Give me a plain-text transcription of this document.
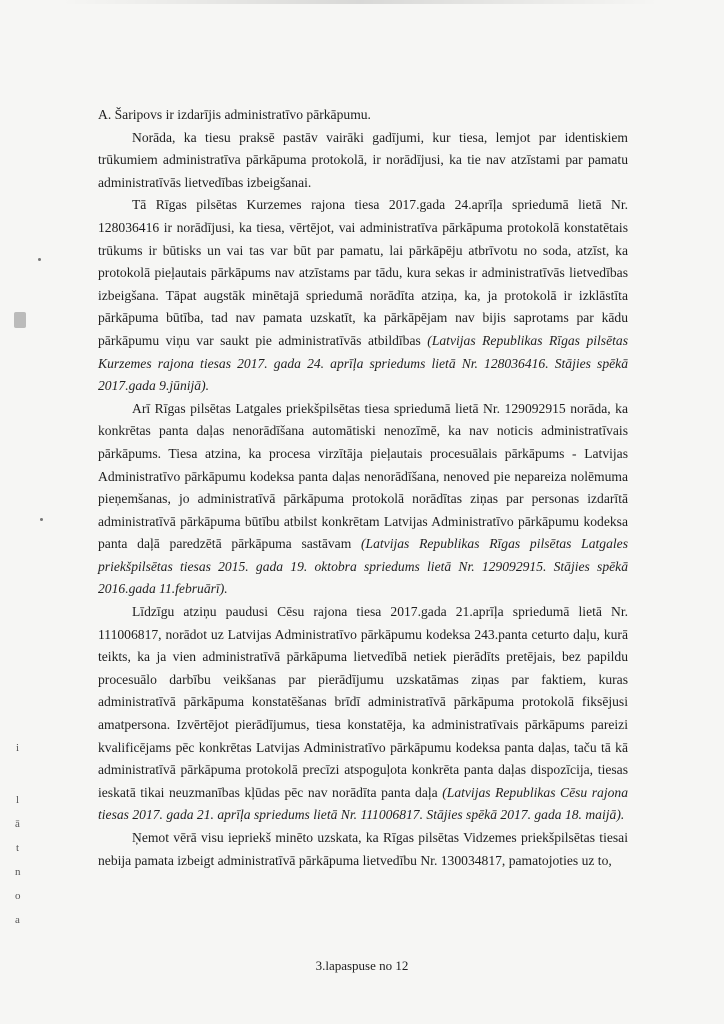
A. Šaripovs ir izdarījis administratīvo pārkāpumu.

Norāda, ka tiesu praksē pastāv vairāki gadījumi, kur tiesa, lemjot par identiskiem trūkumiem administratīva pārkāpuma protokolā, ir norādījusi, ka tie nav atzīstami par pamatu administratīvās lietvedības izbeigšanai.

Tā Rīgas pilsētas Kurzemes rajona tiesa 2017.gada 24.aprīļa spriedumā lietā Nr. 128036416 ir norādījusi, ka tiesa, vērtējot, vai administratīva pārkāpuma protokolā konstatētais trūkums ir būtisks un vai tas var būt par pamatu, lai pārkāpēju atbrīvotu no soda, atzīst, ka protokolā pieļautais pārkāpums nav atzīstams par tādu, kura sekas ir administratīvās lietvedības izbeigšana. Tāpat augstāk minētajā spriedumā norādīta atziņa, ka, ja protokolā ir izklāstīta pārkāpuma būtība, tad nav pamata uzskatīt, ka pārkāpējam nav bijis saprotams par kādu pārkāpumu viņu var saukt pie administratīvās atbildības (Latvijas Republikas Rīgas pilsētas Kurzemes rajona tiesas 2017. gada 24. aprīļa spriedums lietā Nr. 128036416. Stājies spēkā 2017.gada 9.jūnijā).

Arī Rīgas pilsētas Latgales priekšpilsētas tiesa spriedumā lietā Nr. 129092915 norāda, ka konkrētas panta daļas nenorādīšana automātiski nenozīmē, ka nav noticis administratīvais pārkāpums. Tiesa atzina, ka procesa virzītāja pieļautais procesuālais pārkāpums - Latvijas Administratīvo pārkāpumu kodeksa panta daļas nenorādīšana, nenoved pie nepareiza nolēmuma pieņemšanas, jo administratīvā pārkāpuma protokolā norādītas ziņas par personas izdarītā administratīvā pārkāpuma būtību atbilst konkrētam Latvijas Administratīvo pārkāpumu kodeksa panta daļā paredzētā pārkāpuma sastāvam (Latvijas Republikas Rīgas pilsētas Latgales priekšpilsētas tiesas 2015. gada 19. oktobra spriedums lietā Nr. 129092915. Stājies spēkā 2016.gada 11.februārī).

Līdzīgu atziņu paudusi Cēsu rajona tiesa 2017.gada 21.aprīļa spriedumā lietā Nr. 111006817, norādot uz Latvijas Administratīvo pārkāpumu kodeksa 243.panta ceturto daļu, kurā teikts, ka ja vien administratīvā pārkāpuma lietvedībā netiek pierādīts pretējais, bez papildu procesuālo darbību veikšanas par pierādījumu uzskatāmas ziņas par faktiem, kuras administratīvā pārkāpuma konstatēšanas brīdī administratīvā pārkāpuma protokolā fiksējusi amatpersona. Izvērtējot pierādījumus, tiesa konstatēja, ka administratīvais pārkāpums pareizi kvalificējams pēc konkrētas Latvijas Administratīvo pārkāpumu kodeksa panta daļas, taču tā kā administratīvā pārkāpuma protokolā precīzi atspoguļota konkrēta panta daļas dispozīcija, tiesas ieskatā tikai neuzmanības kļūdas pēc nav norādīta panta daļa (Latvijas Republikas Cēsu rajona tiesas 2017. gada 21. aprīļa spriedums lietā Nr. 111006817. Stājies spēkā 2017. gada 18. maijā).

Ņemot vērā visu iepriekš minēto uzskata, ka Rīgas pilsētas Vidzemes priekšpilsētas tiesai nebija pamata izbeigt administratīvā pārkāpuma lietvedību Nr. 130034817, pamatojoties uz to,

3.lapaspuse no 12
i
l
ā
t
n
o
a
